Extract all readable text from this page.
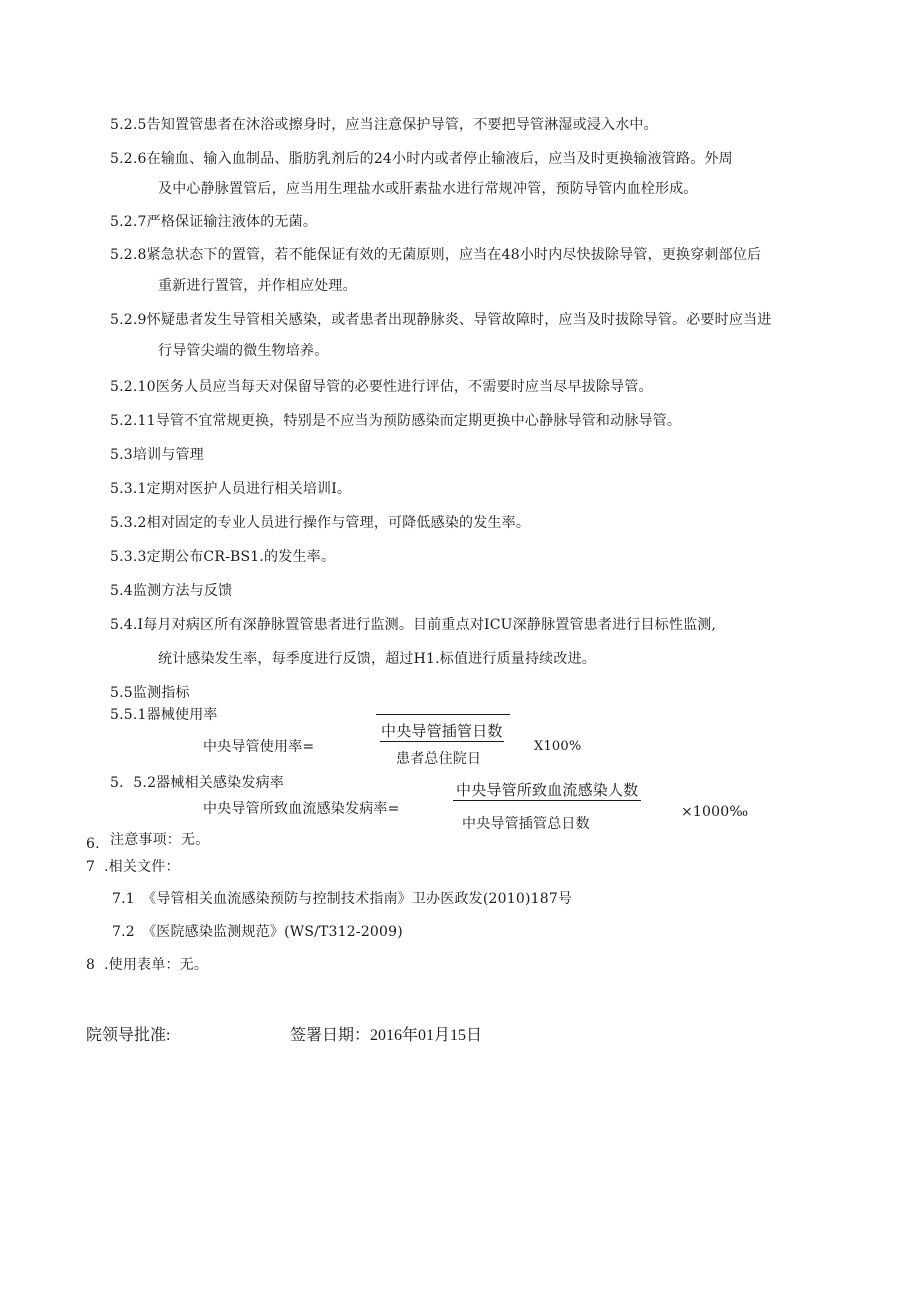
5.2.5告知置管患者在沐浴或擦身时，应当注意保护导管，不要把导管淋湿或浸入水中。
5.2.6在输血、输入血制品、脂肪乳剂后的24小时内或者停止输液后，应当及时更换输液管路。外周
及中心静脉置管后，应当用生理盐水或肝素盐水进行常规冲管，预防导管内血栓形成。
5.2.7严格保证输注液体的无菌。
5.2.8紧急状态下的置管，若不能保证有效的无菌原则，应当在48小时内尽快拔除导管，更换穿刺部位后
重新进行置管，并作相应处理。
5.2.9怀疑患者发生导管相关感染，或者患者出现静脉炎、导管故障时，应当及时拔除导管。必要时应当进
行导管尖端的微生物培养。
5.2.10医务人员应当每天对保留导管的必要性进行评估，不需要时应当尽早拔除导管。
5.2.11导管不宜常规更换，特别是不应当为预防感染而定期更换中心静脉导管和动脉导管。
5.3培训与管理
5.3.1定期对医护人员进行相关培训I。
5.3.2相对固定的专业人员进行操作与管理，可降低感染的发生率。
5.3.3定期公布CR-BS1.的发生率。
5.4监测方法与反馈
5.4.I每月对病区所有深静脉置管患者进行监测。目前重点对ICU深静脉置管患者进行目标性监测,
统计感染发生率，每季度进行反馈，超过H1.标值进行质量持续改进。
5.5监测指标
5.5.1器械使用率
中央导管插管日数
中央导管使用率=
患者总住院日
X100%
5．5.2器械相关感染发病率	中央导管所致血流感染人数
中央导管所致血流感染发病率=
中央导管插管总日数
×1000‰
6. 注意事项：无。
7 .相关文件：
7.1　《导管相关血流感染预防与控制技术指南》卫办医政发(2010)187号
7.2　《医院感染监测规范》(WS/T312-2009)
8 .使用表单：无。
院领导批准:	签署日期：2016年01月15日
